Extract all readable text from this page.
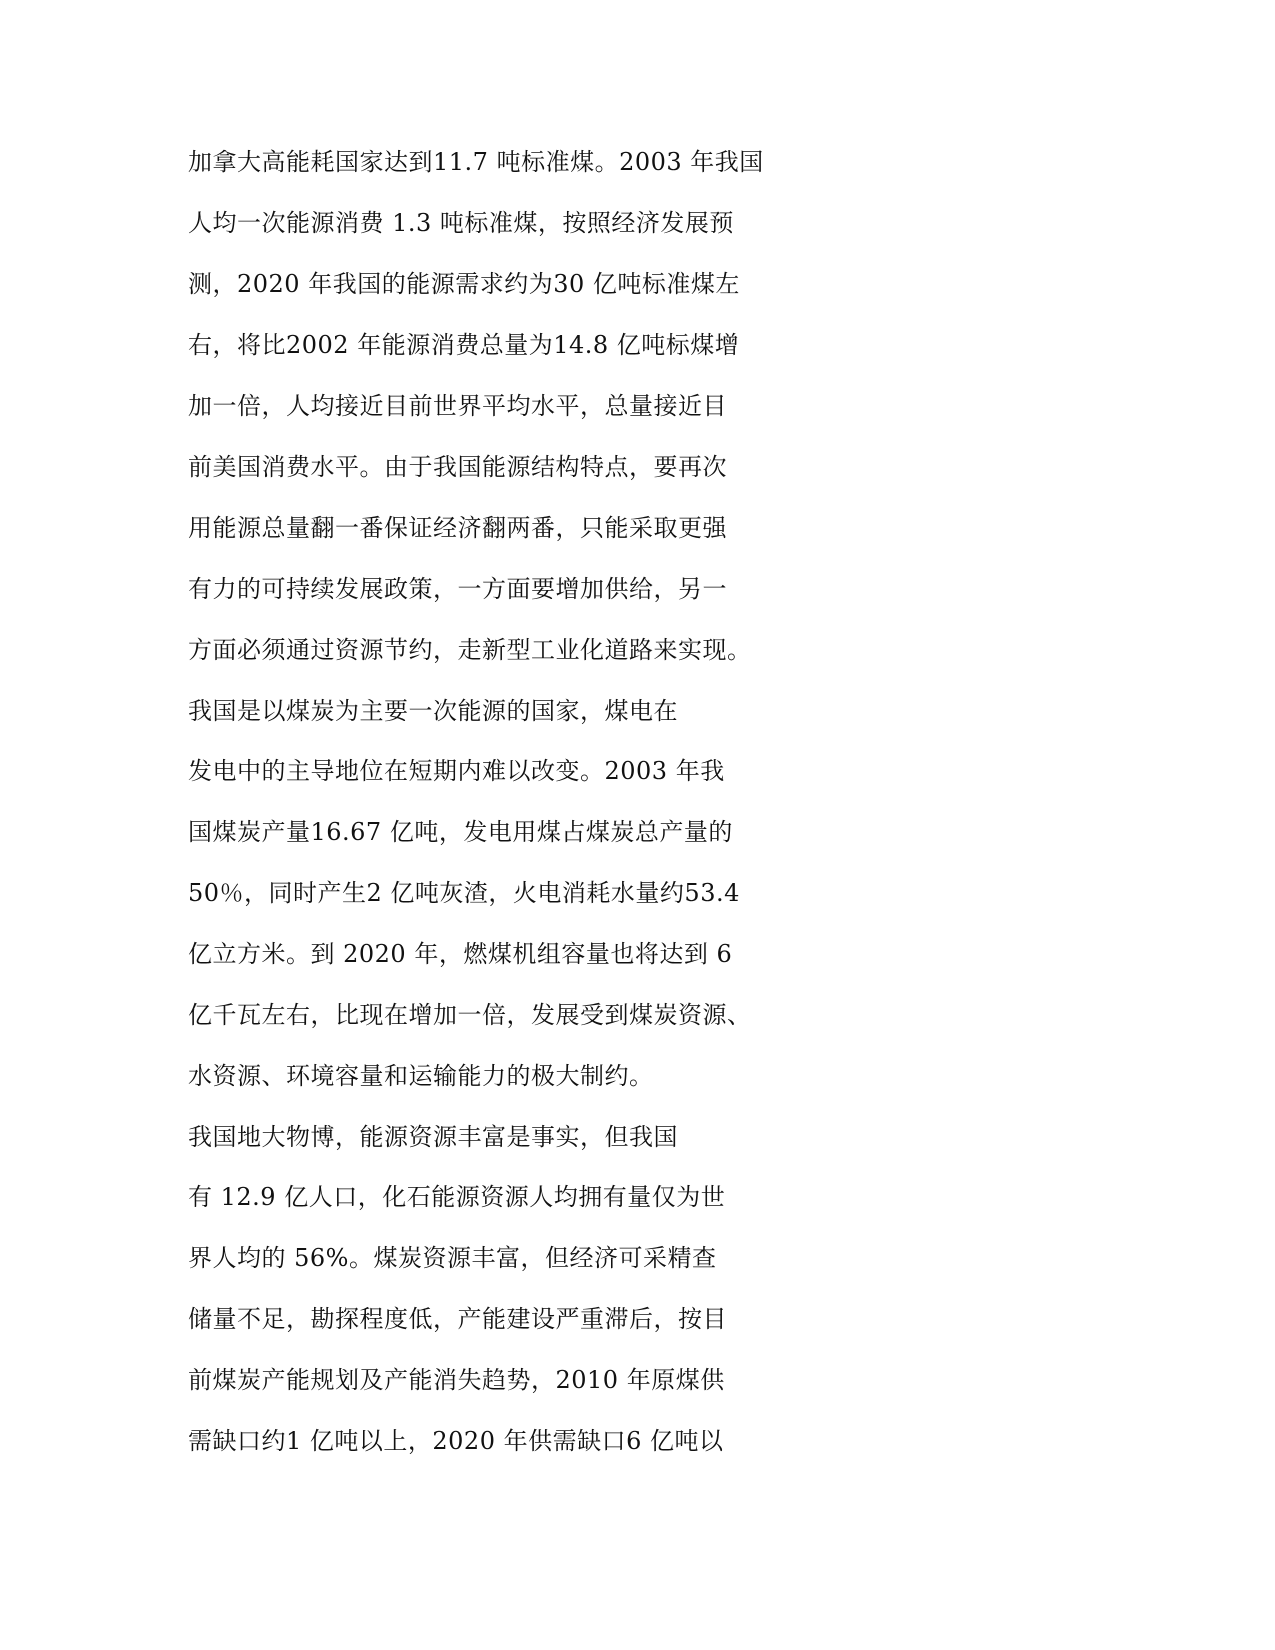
加拿大高能耗国家达到11.7 吨标准煤。2003 年我国
人均一次能源消费 1.3 吨标准煤，按照经济发展预
测，2020 年我国的能源需求约为30 亿吨标准煤左
右，将比2002 年能源消费总量为14.8 亿吨标煤增
加一倍，人均接近目前世界平均水平，总量接近目
前美国消费水平。由于我国能源结构特点，要再次
用能源总量翻一番保证经济翻两番，只能采取更强
有力的可持续发展政策，一方面要增加供给，另一
方面必须通过资源节约，走新型工业化道路来实现。
我国是以煤炭为主要一次能源的国家，煤电在
发电中的主导地位在短期内难以改变。2003 年我
国煤炭产量16.67 亿吨，发电用煤占煤炭总产量的
50％，同时产生2 亿吨灰渣，火电消耗水量约53.4
亿立方米。到 2020 年，燃煤机组容量也将达到 6
亿千瓦左右，比现在增加一倍，发展受到煤炭资源、
水资源、环境容量和运输能力的极大制约。
我国地大物博，能源资源丰富是事实，但我国
有 12.9 亿人口，化石能源资源人均拥有量仅为世
界人均的 56%。煤炭资源丰富，但经济可采精查
储量不足，勘探程度低，产能建设严重滞后，按目
前煤炭产能规划及产能消失趋势，2010 年原煤供
需缺口约1 亿吨以上，2020 年供需缺口6 亿吨以
